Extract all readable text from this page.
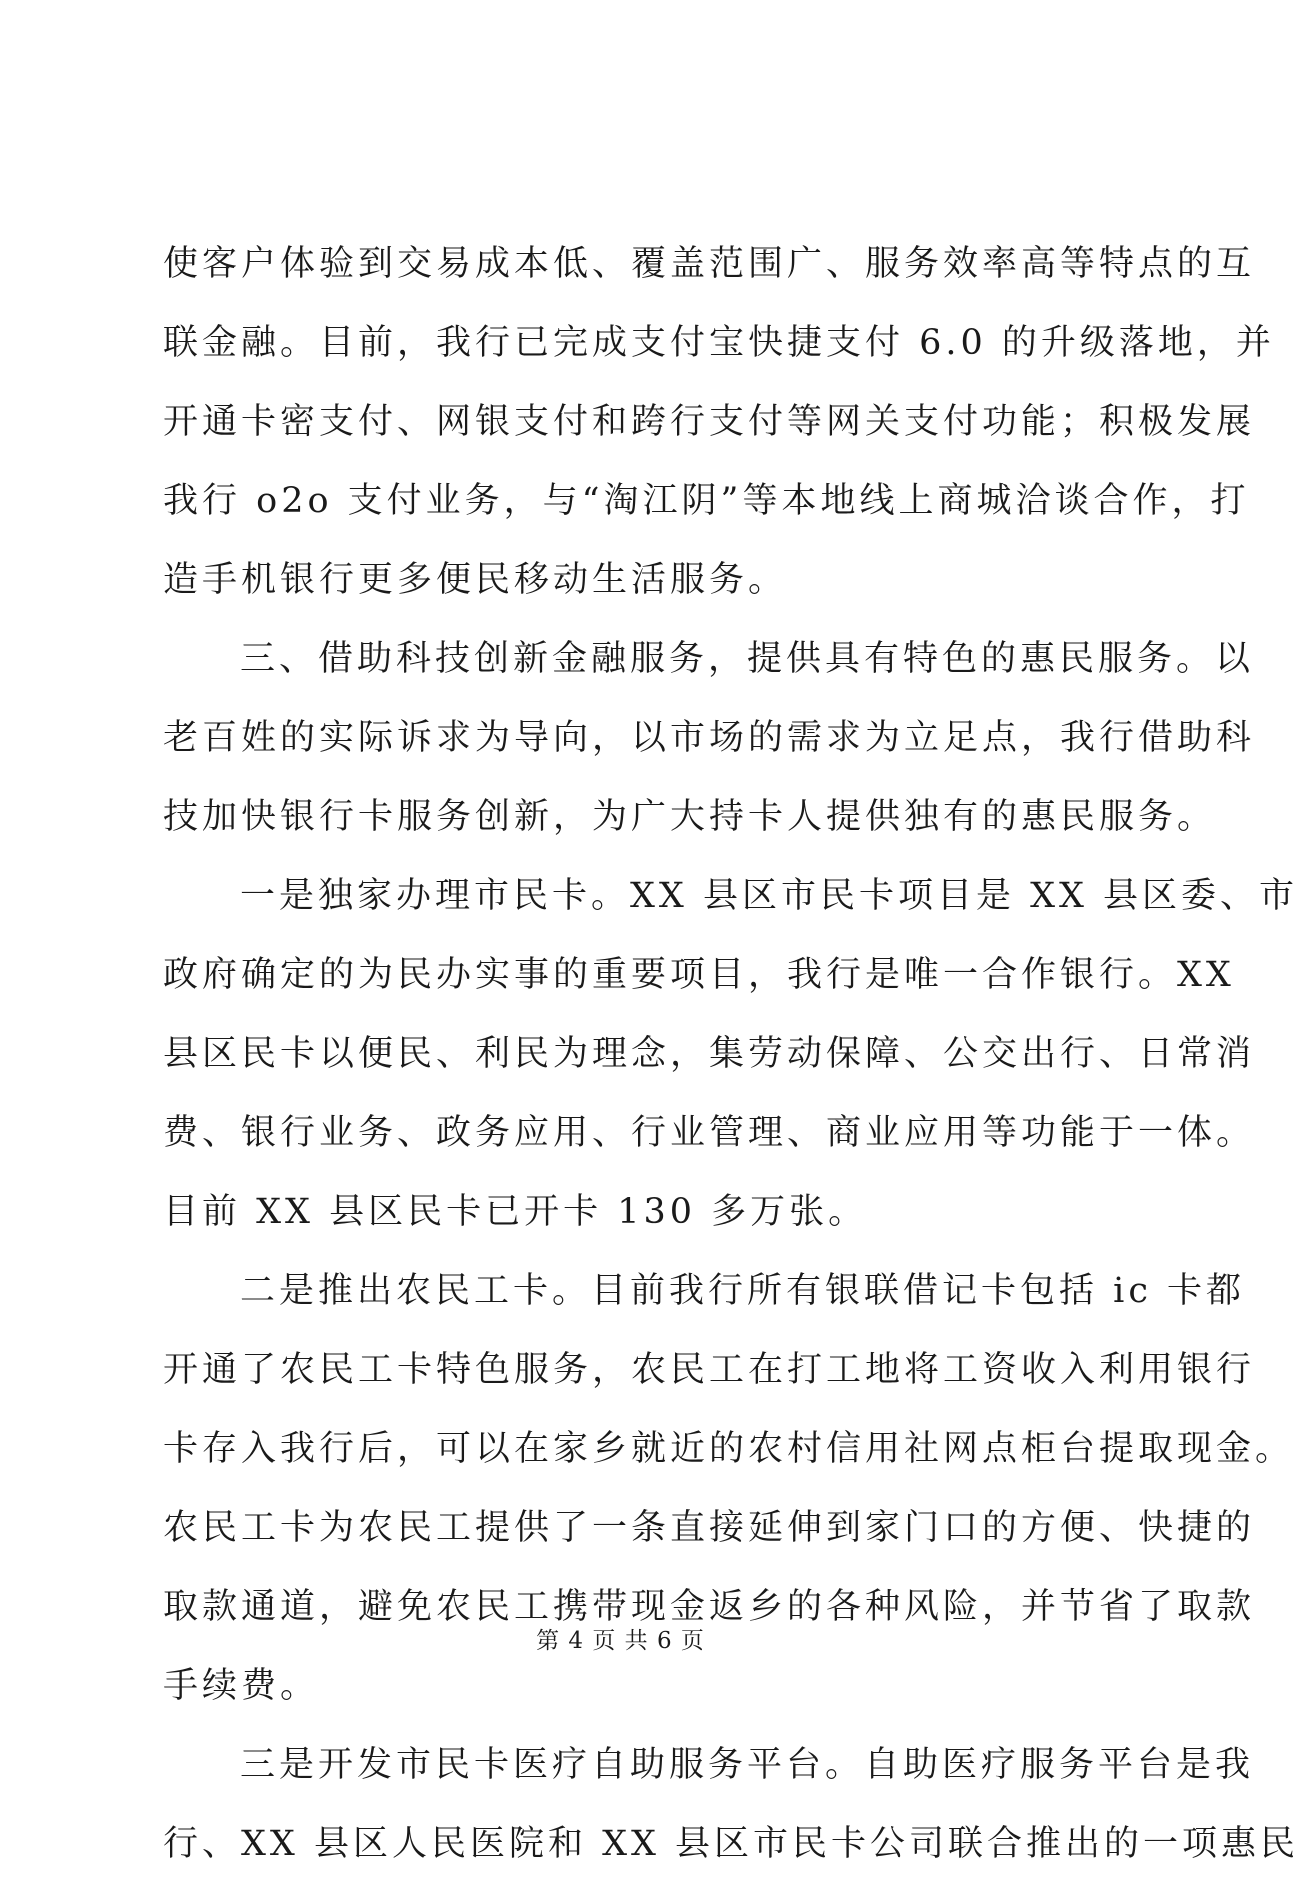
使客户体验到交易成本低、覆盖范围广、服务效率高等特点的互
联金融。目前，我行已完成支付宝快捷支付 6.0 的升级落地，并
开通卡密支付、网银支付和跨行支付等网关支付功能；积极发展
我行 o2o 支付业务，与“淘江阴”等本地线上商城洽谈合作，打
造手机银行更多便民移动生活服务。
三、借助科技创新金融服务，提供具有特色的惠民服务。以
老百姓的实际诉求为导向，以市场的需求为立足点，我行借助科
技加快银行卡服务创新，为广大持卡人提供独有的惠民服务。
一是独家办理市民卡。XX 县区市民卡项目是 XX 县区委、市
政府确定的为民办实事的重要项目，我行是唯一合作银行。XX
县区民卡以便民、利民为理念，集劳动保障、公交出行、日常消
费、银行业务、政务应用、行业管理、商业应用等功能于一体。
目前 XX 县区民卡已开卡 130 多万张。
二是推出农民工卡。目前我行所有银联借记卡包括 ic 卡都
开通了农民工卡特色服务，农民工在打工地将工资收入利用银行
卡存入我行后，可以在家乡就近的农村信用社网点柜台提取现金。
农民工卡为农民工提供了一条直接延伸到家门口的方便、快捷的
取款通道，避免农民工携带现金返乡的各种风险，并节省了取款
手续费。
三是开发市民卡医疗自助服务平台。自助医疗服务平台是我
行、XX 县区人民医院和 XX 县区市民卡公司联合推出的一项惠民
第 4 页 共 6 页
